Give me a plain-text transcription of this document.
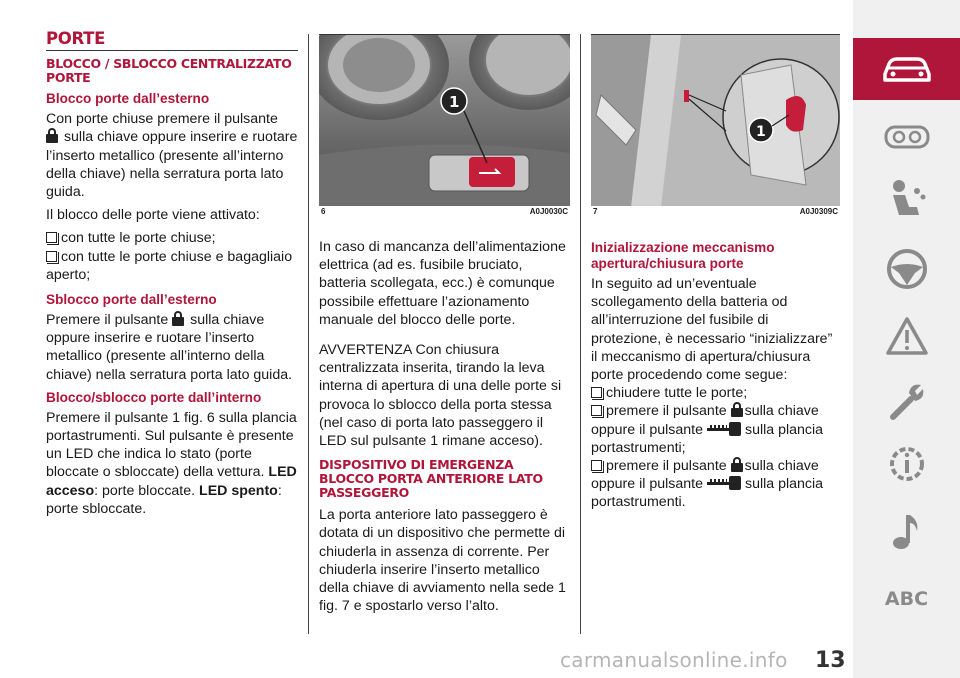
PORTE
BLOCCO / SBLOCCO CENTRALIZZATO PORTE
Blocco porte dall’esterno

Con porte chiuse premere il pulsante

sulla chiave oppure inserire e ruotare l’inserto metallico (presente all’interno della chiave) nella serratura porta lato guida.

Il blocco delle porte viene attivato:

con tutte le porte chiuse;
con tutte le porte chiuse e bagagliaio aperto;
Sblocco porte dall’esterno

Premere il pulsante sulla chiave oppure inserire e ruotare l’inserto metallico (presente all’interno della chiave) nella serratura porta lato guida.

Blocco/sblocco porte dall’interno

Premere il pulsante 1 fig. 6 sulla plancia portastrumenti. Sul pulsante è presente un LED che indica lo stato (porte bloccate o sbloccate) della vettura. LED acceso: porte bloccate. LED spento: porte sbloccate.

1
6	A0J0030C
1
7	A0J0309C

In caso di mancanza dell’alimentazione elettrica (ad es. fusibile bruciato, batteria scollegata, ecc.) è comunque possibile effettuare l’azionamento manuale del blocco delle porte.

AVVERTENZA Con chiusura centralizzata inserita, tirando la leva interna di apertura di una delle porte si provoca lo sblocco della porta stessa (nel caso di porta lato passeggero il LED sul pulsante 1 rimane acceso).

DISPOSITIVO DI EMERGENZA BLOCCO PORTA ANTERIORE LATO PASSEGGERO

La porta anteriore lato passeggero è dotata di un dispositivo che permette di chiuderla in assenza di corrente. Per chiuderla inserire l’inserto metallico della chiave di avviamento nella sede 1 fig. 7 e spostarlo verso l’alto.

Inizializzazione meccanismo apertura/chiusura porte

In seguito ad un’eventuale scollegamento della batteria od all’interruzione del fusibile di protezione, è necessario “inizializzare” il meccanismo di apertura/chiusura porte procedendo come segue:

chiudere tutte le porte;
premere il pulsante sulla chiave oppure il pulsante	sulla plancia portastrumenti;
premere il pulsante sulla chiave oppure il pulsante	sulla plancia portastrumenti.
ABC
carmanualsonline.info 13
